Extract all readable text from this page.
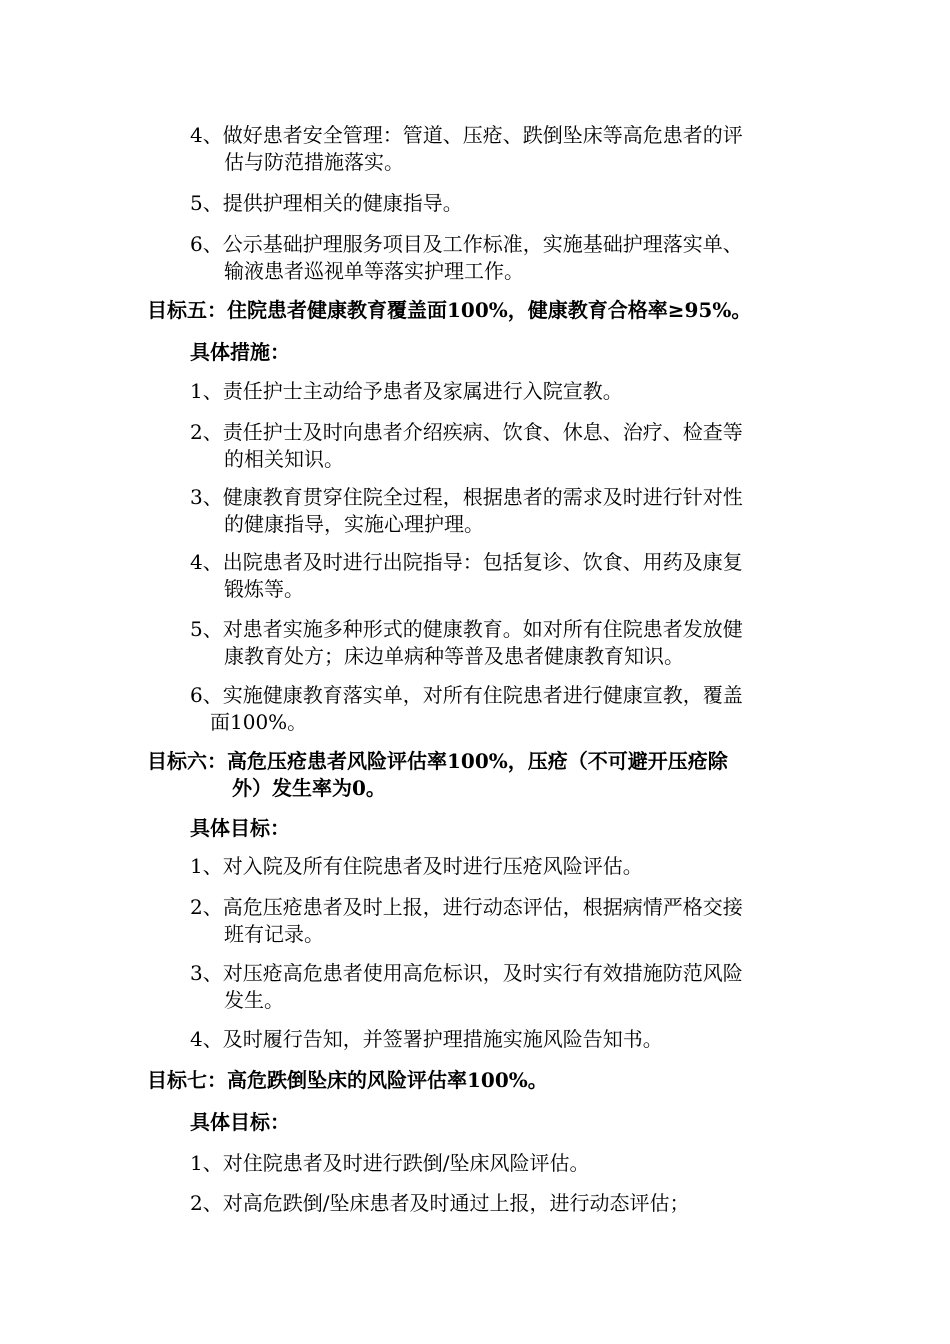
4、做好患者安全管理：管道、压疮、跌倒坠床等高危患者的评
估与防范措施落实。
5、提供护理相关的健康指导。
6、公示基础护理服务项目及工作标准，实施基础护理落实单、
输液患者巡视单等落实护理工作。
目标五：住院患者健康教育覆盖面100%，健康教育合格率≥95%。
具体措施：
1、责任护士主动给予患者及家属进行入院宣教。
2、责任护士及时向患者介绍疾病、饮食、休息、治疗、检查等
的相关知识。
3、健康教育贯穿住院全过程，根据患者的需求及时进行针对性
的健康指导，实施心理护理。
4、出院患者及时进行出院指导：包括复诊、饮食、用药及康复
锻炼等。
5、对患者实施多种形式的健康教育。如对所有住院患者发放健
康教育处方；床边单病种等普及患者健康教育知识。
6、实施健康教育落实单，对所有住院患者进行健康宣教，覆盖
面100%。
目标六：高危压疮患者风险评估率100%，压疮（不可避开压疮除
外）发生率为0。
具体目标：
1、对入院及所有住院患者及时进行压疮风险评估。
2、高危压疮患者及时上报，进行动态评估，根据病情严格交接
班有记录。
3、对压疮高危患者使用高危标识，及时实行有效措施防范风险
发生。
4、及时履行告知，并签署护理措施实施风险告知书。
目标七：高危跌倒坠床的风险评估率100%。
具体目标：
1、对住院患者及时进行跌倒/坠床风险评估。
2、对高危跌倒/坠床患者及时通过上报，进行动态评估；
